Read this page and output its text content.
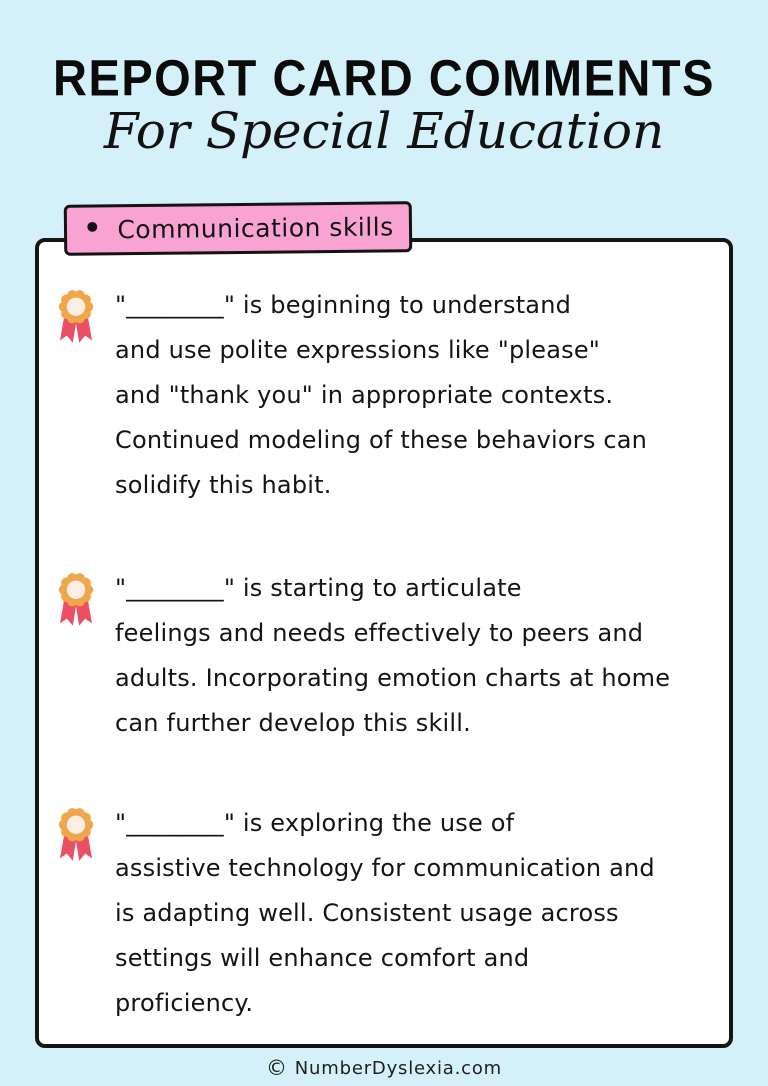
REPORT CARD COMMENTS
For Special Education
• Communication skills
"________" is beginning to understand
and use polite expressions like "please"
and "thank you" in appropriate contexts.
Continued modeling of these behaviors can
solidify this habit.
"________" is starting to articulate
feelings and needs effectively to peers and
adults. Incorporating emotion charts at home
can further develop this skill.
"________" is exploring the use of
assistive technology for communication and
is adapting well. Consistent usage across
settings will enhance comfort and
proficiency.
© NumberDyslexia.com
